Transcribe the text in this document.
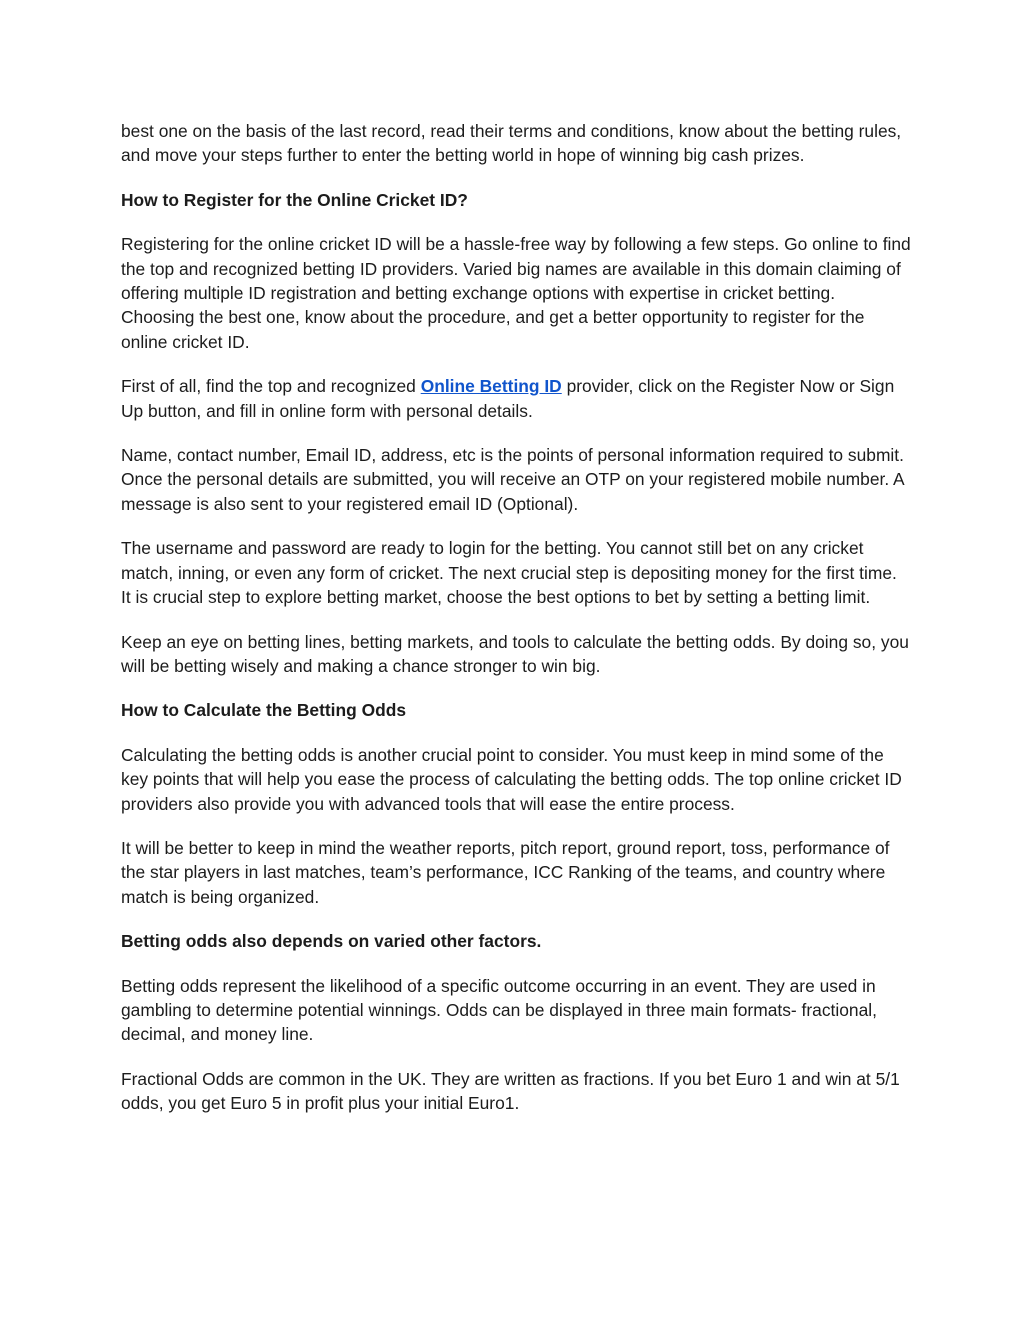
best one on the basis of the last record, read their terms and conditions, know about the betting rules, and move your steps further to enter the betting world in hope of winning big cash prizes.

How to Register for the Online Cricket ID?

Registering for the online cricket ID will be a hassle-free way by following a few steps. Go online to find the top and recognized betting ID providers. Varied big names are available in this domain claiming of offering multiple ID registration and betting exchange options with expertise in cricket betting. Choosing the best one, know about the procedure, and get a better opportunity to register for the online cricket ID.

First of all, find the top and recognized Online Betting ID provider, click on the Register Now or Sign Up button, and fill in online form with personal details.

Name, contact number, Email ID, address, etc is the points of personal information required to submit. Once the personal details are submitted, you will receive an OTP on your registered mobile number. A message is also sent to your registered email ID (Optional).

The username and password are ready to login for the betting. You cannot still bet on any cricket match, inning, or even any form of cricket. The next crucial step is depositing money for the first time. It is crucial step to explore betting market, choose the best options to bet by setting a betting limit.

Keep an eye on betting lines, betting markets, and tools to calculate the betting odds. By doing so, you will be betting wisely and making a chance stronger to win big.

How to Calculate the Betting Odds

Calculating the betting odds is another crucial point to consider. You must keep in mind some of the key points that will help you ease the process of calculating the betting odds. The top online cricket ID providers also provide you with advanced tools that will ease the entire process.

It will be better to keep in mind the weather reports, pitch report, ground report, toss, performance of the star players in last matches, team’s performance, ICC Ranking of the teams, and country where match is being organized.

Betting odds also depends on varied other factors.

Betting odds represent the likelihood of a specific outcome occurring in an event. They are used in gambling to determine potential winnings. Odds can be displayed in three main formats- fractional, decimal, and money line.

Fractional Odds are common in the UK. They are written as fractions. If you bet Euro 1 and win at 5/1 odds, you get Euro 5 in profit plus your initial Euro1.
